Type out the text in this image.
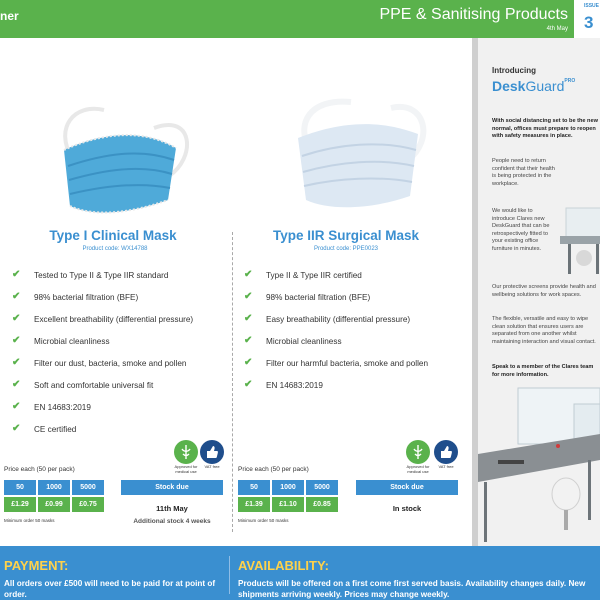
ner	PPE & Sanitising Products
4th May
ISSUE
3
Type I Clinical Mask
Product code: WX14788
✔	Tested to Type II & Type IIR standard
✔	98% bacterial filtration (BFE)
✔	Excellent breathability (differential pressure)
✔	Microbial cleanliness
✔	Filter our dust, bacteria, smoke and pollen
✔	Soft and comfortable universal fit
✔	EN 14683:2019
✔	CE certified
Approved for medical use
VAT free
Price each (50 per pack)
50	1000	5000
£1.29	£0.99	£0.75
Minimum order 50 masks
Stock due
11th May
Additional stock 4 weeks
Type IIR Surgical Mask
Product code: PPE0023
✔	Type II & Type IIR certified
✔	98% bacterial filtration (BFE)
✔	Easy breathability (differential pressure)
✔	Microbial cleanliness
✔	Filter our harmful bacteria, smoke and pollen
✔	EN 14683:2019
Approved for medical use
VAT free
Price each (50 per pack)
50	1000	5000
£1.39	£1.10	£0.85
Minimum order 50 masks
Stock due
In stock
Introducing
DeskGuard$^{PRO}$
With social distancing set to be the new normal, offices must prepare to reopen with safety measures in place.
People need to return confident that their health is being protected in the workplace.
We would like to introduce Clares new DeskGuard that can be retrospectively fitted to your existing office furniture in minutes.
Our protective screens provide health and wellbeing solutions for work spaces.
The flexible, versatile and easy to wipe clean solution that ensures users are separated from one another whilst maintaining interaction and visual contact.
Speak to a member of the Clares team for more information.
PAYMENT:
All orders over £500 will need to be paid for at point of order.
AVAILABILITY:
Products will be offered on a first come first served basis. Availability changes daily. New shipments arriving weekly. Prices may change weekly.
